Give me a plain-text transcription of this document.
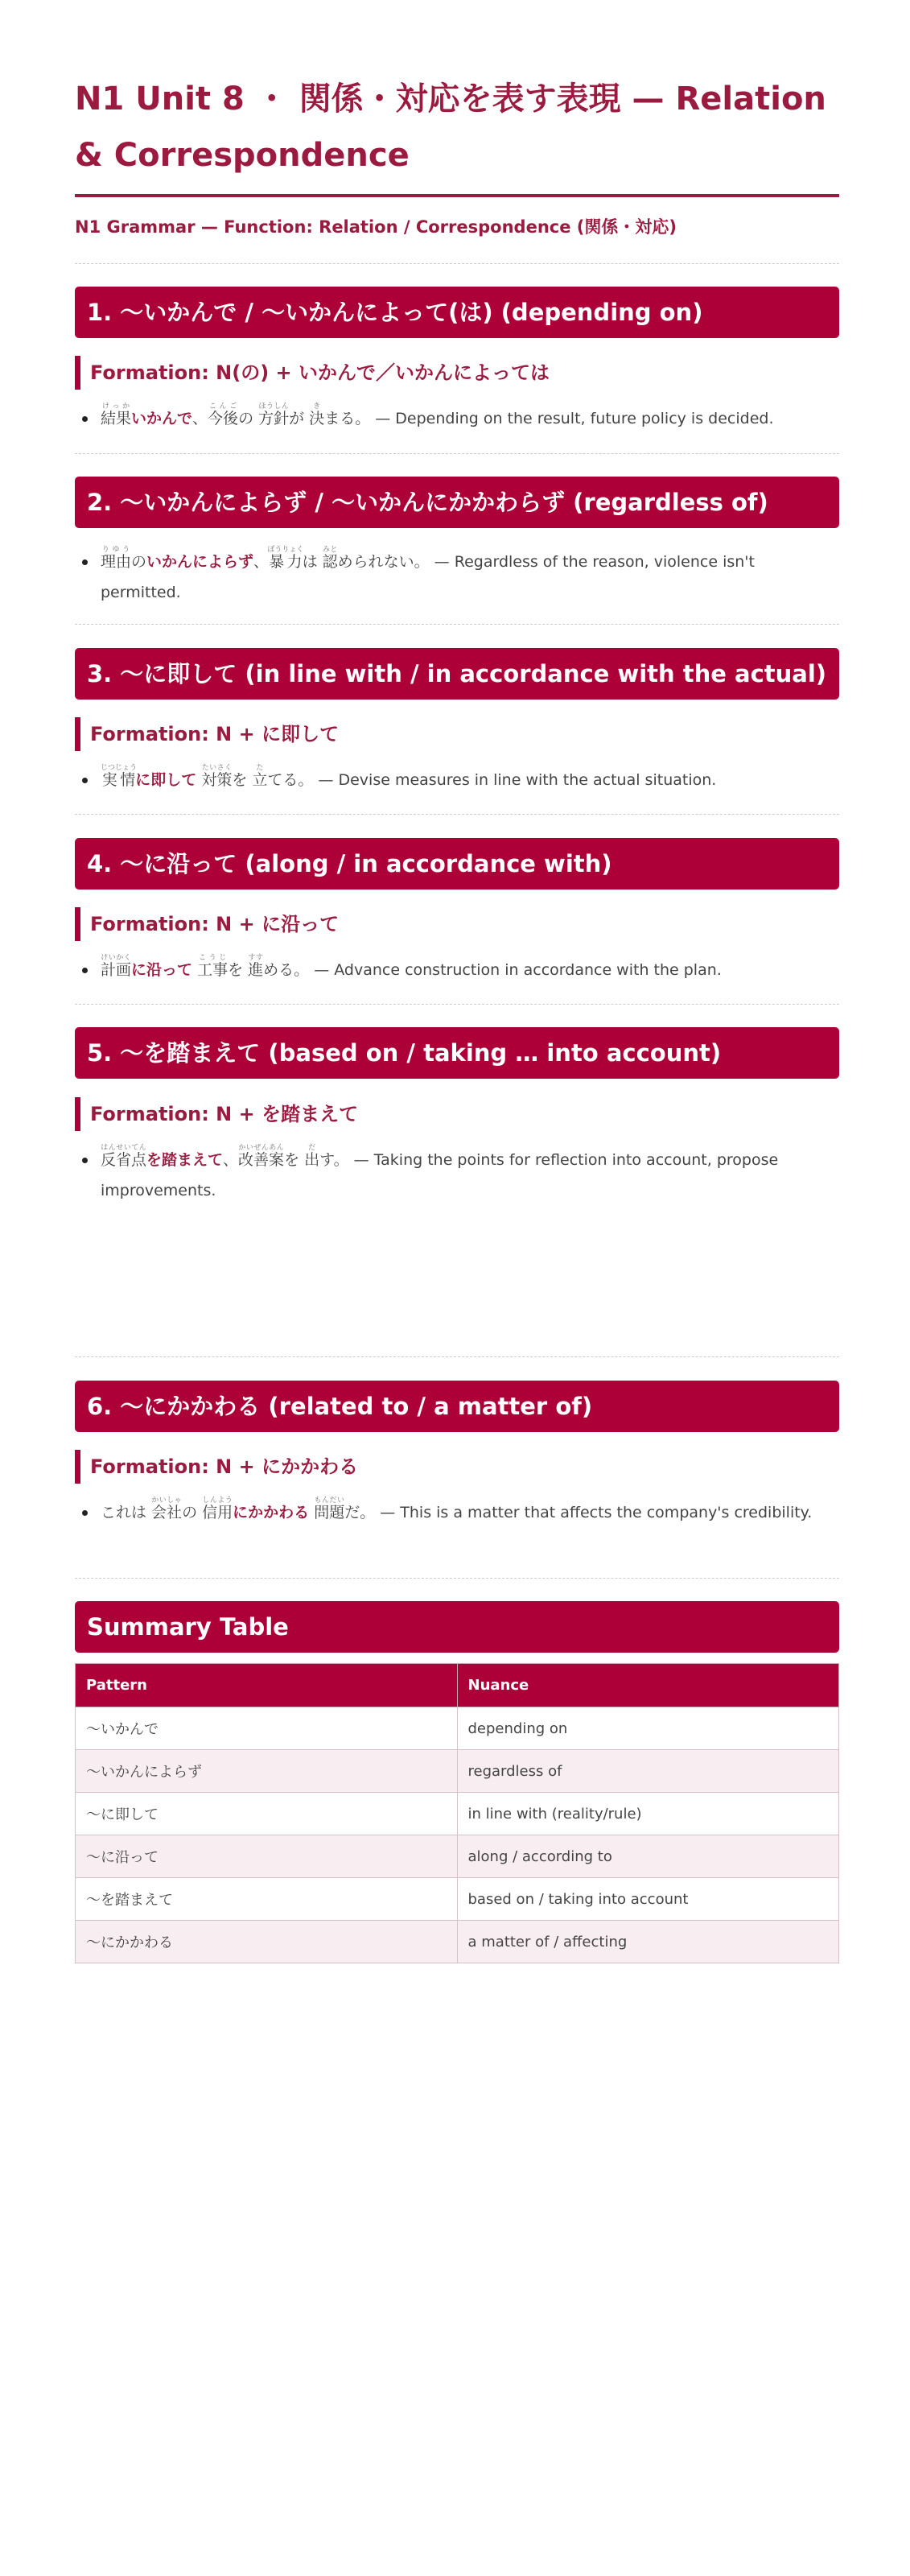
N1 Unit 8 ・ 関係・対応を表す表現 — Relation & Correspondence
N1 Grammar — Function: Relation / Correspondence (関係・対応)
1. ～いかんで / ～いかんによって(は) (depending on)
Formation: N(の) + いかんで／いかんによっては

結果けっかいかんで、今後こんごの 方針ほうしんが 決きまる。 — Depending on the result, future policy is decided.

2. ～いかんによらず / ～いかんにかかわらず (regardless of)

理由りゆうのいかんによらず、暴力ぼうりょくは 認みとめられない。 — Regardless of the reason, violence isn't permitted.

3. ～に即して (in line with / in accordance with the actual)
Formation: N + に即して

実情じつじょうに即して 対策たいさくを 立たてる。 — Devise measures in line with the actual situation.

4. ～に沿って (along / in accordance with)
Formation: N + に沿って

計画けいかくに沿って 工事こうじを 進すすめる。 — Advance construction in accordance with the plan.

5. ～を踏まえて (based on / taking … into account)
Formation: N + を踏まえて

反省点はんせいてんを踏まえて、改善案かいぜんあんを 出だす。 — Taking the points for reflection into account, propose improvements.

6. ～にかかわる (related to / a matter of)
Formation: N + にかかわる

これは 会社かいしゃの 信用しんようにかかわる 問題もんだいだ。 — This is a matter that affects the company's credibility.

Summary Table
Pattern	Nuance
～いかんで	depending on
～いかんによらず	regardless of
～に即して	in line with (reality/rule)
～に沿って	along / according to
～を踏まえて	based on / taking into account
～にかかわる	a matter of / affecting
